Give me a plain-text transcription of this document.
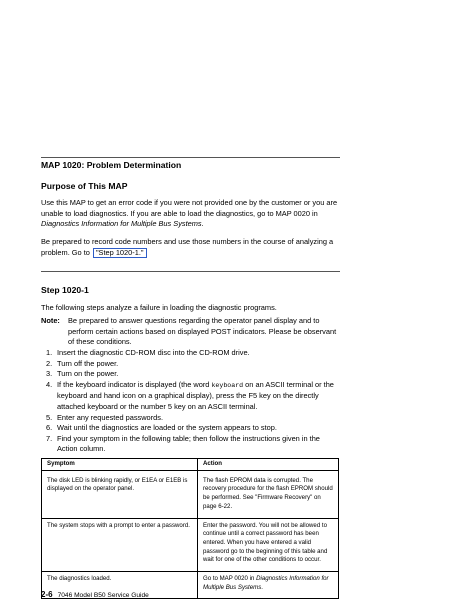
MAP 1020: Problem Determination
Purpose of This MAP
Use this MAP to get an error code if you were not provided one by the customer or you are unable to load diagnostics. If you are able to load the diagnostics, go to MAP 0020 in Diagnostics Information for Multiple Bus Systems.
Be prepared to record code numbers and use those numbers in the course of analyzing a problem. Go to "Step 1020-1."
Step 1020-1
The following steps analyze a failure in loading the diagnostic programs.
Note: Be prepared to answer questions regarding the operator panel display and to perform certain actions based on displayed POST indicators. Please be observant of these conditions.
1. Insert the diagnostic CD-ROM disc into the CD-ROM drive.
2. Turn off the power.
3. Turn on the power.
4. If the keyboard indicator is displayed (the word keyboard on an ASCII terminal or the keyboard and hand icon on a graphical display), press the F5 key on the directly attached keyboard or the number 5 key on an ASCII terminal.
5. Enter any requested passwords.
6. Wait until the diagnostics are loaded or the system appears to stop.
7. Find your symptom in the following table; then follow the instructions given in the Action column.
Symptom	Action

The disk LED is blinking rapidly, or E1EA or E1EB is displayed on the operator panel.	The flash EPROM data is corrupted. The recovery procedure for the flash EPROM should be performed. See "Firmware Recovery" on page 6-22.
The system stops with a prompt to enter a password.	Enter the password. You will not be allowed to continue until a correct password has been entered. When you have entered a valid password go to the beginning of this table and wait for one of the other conditions to occur.
The diagnostics loaded.	Go to MAP 0020 in Diagnostics Information for Multiple Bus Systems.
2-6 7046 Model B50 Service Guide
